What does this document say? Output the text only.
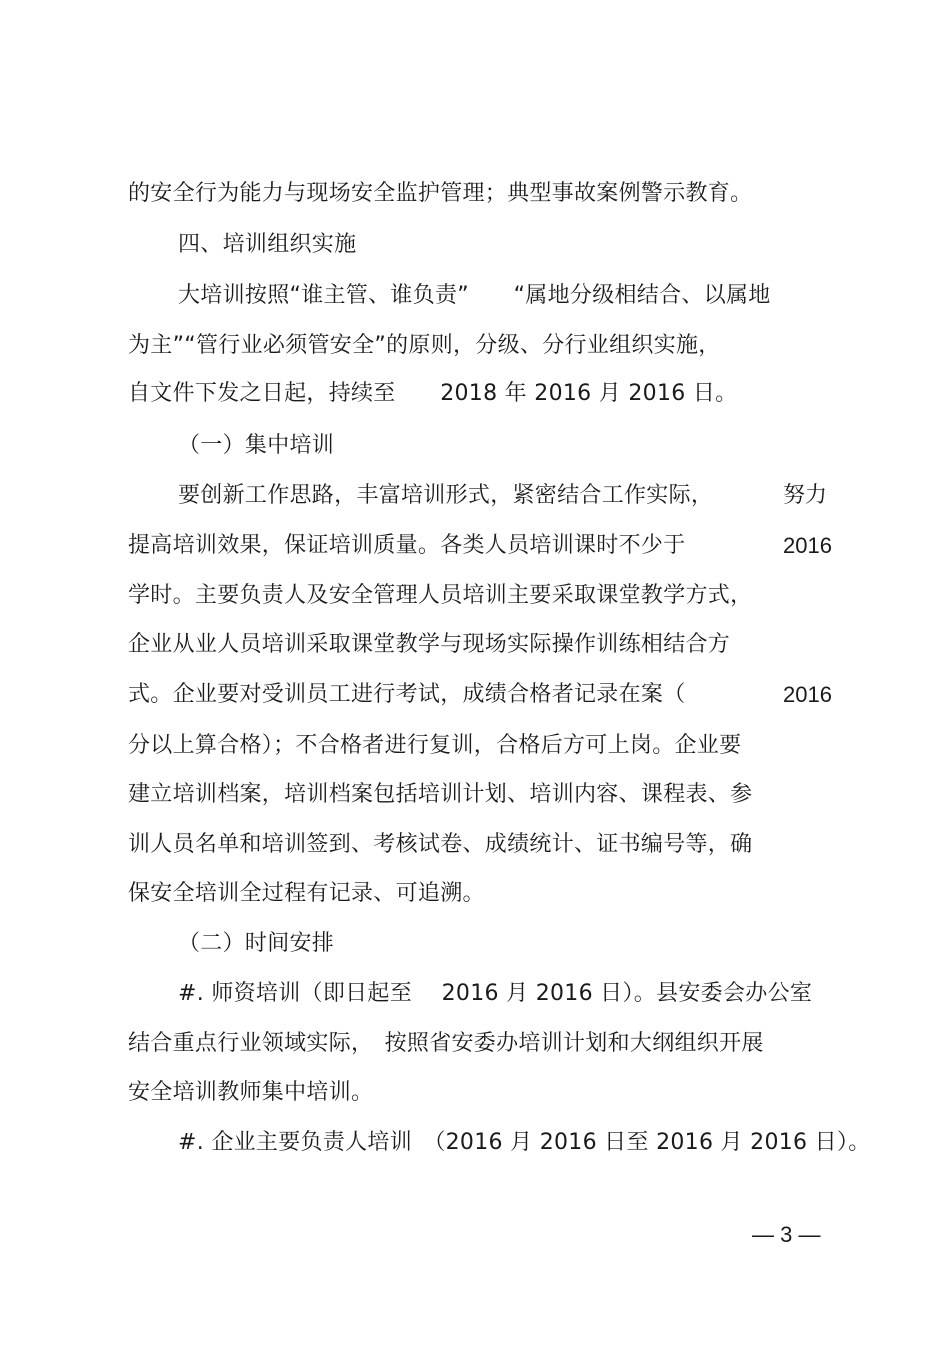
的安全行为能力与现场安全监护管理；典型事故案例警示教育。
四、培训组织实施
大培训按照“谁主管、谁负责”　　“属地分级相结合、以属地
为主”“管行业必须管安全”的原则，分级、分行业组织实施，
自文件下发之日起，持续至　　2018 年 2016 月 2016 日。
（一）集中培训
要创新工作思路，丰富培训形式，紧密结合工作实际，	努力
提高培训效果，保证培训质量。各类人员培训课时不少于	2016
学时。主要负责人及安全管理人员培训主要采取课堂教学方式，
企业从业人员培训采取课堂教学与现场实际操作训练相结合方
式。企业要对受训员工进行考试，成绩合格者记录在案（	2016
分以上算合格）；不合格者进行复训，合格后方可上岗。企业要
建立培训档案，培训档案包括培训计划、培训内容、课程表、参
训人员名单和培训签到、考核试卷、成绩统计、证书编号等，确
保安全培训全过程有记录、可追溯。
（二）时间安排
#. 师资培训（即日起至　 2016 月 2016 日）。县安委会办公室
结合重点行业领域实际，　按照省安委办培训计划和大纲组织开展
安全培训教师集中培训。
#. 企业主要负责人培训　（2016 月 2016 日至 2016 月 2016 日）。
— 3 —
